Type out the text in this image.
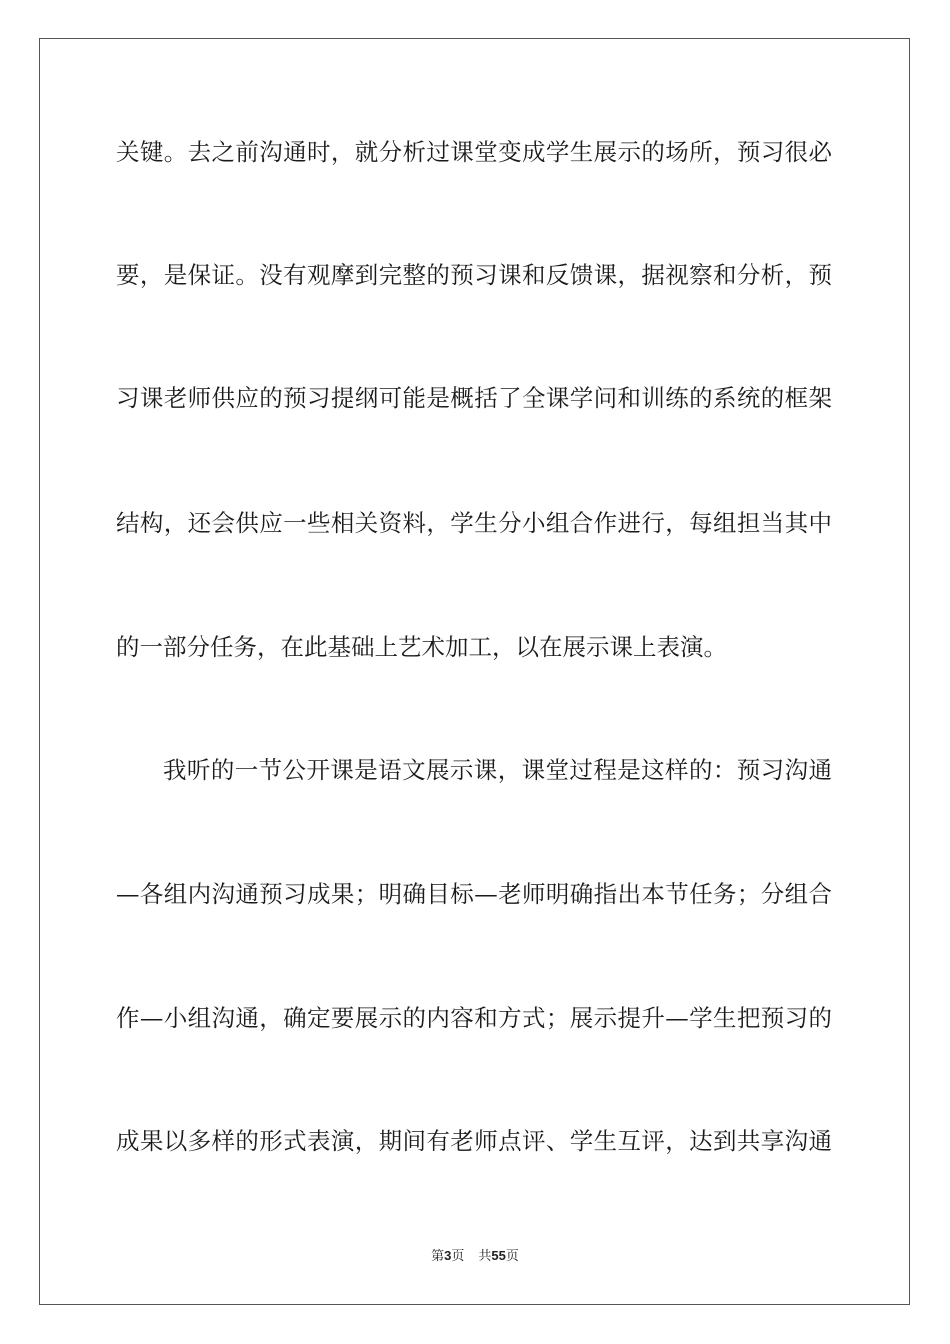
关键。去之前沟通时，就分析过课堂变成学生展示的场所，预习很必
要，是保证。没有观摩到完整的预习课和反馈课，据视察和分析，预
习课老师供应的预习提纲可能是概括了全课学问和训练的系统的框架
结构，还会供应一些相关资料，学生分小组合作进行，每组担当其中
的一部分任务，在此基础上艺术加工，以在展示课上表演。
我听的一节公开课是语文展示课，课堂过程是这样的：预习沟通
—各组内沟通预习成果；明确目标—老师明确指出本节任务；分组合
作—小组沟通，确定要展示的内容和方式；展示提升—学生把预习的
成果以多样的形式表演，期间有老师点评、学生互评，达到共享沟通
第3页 共55页
